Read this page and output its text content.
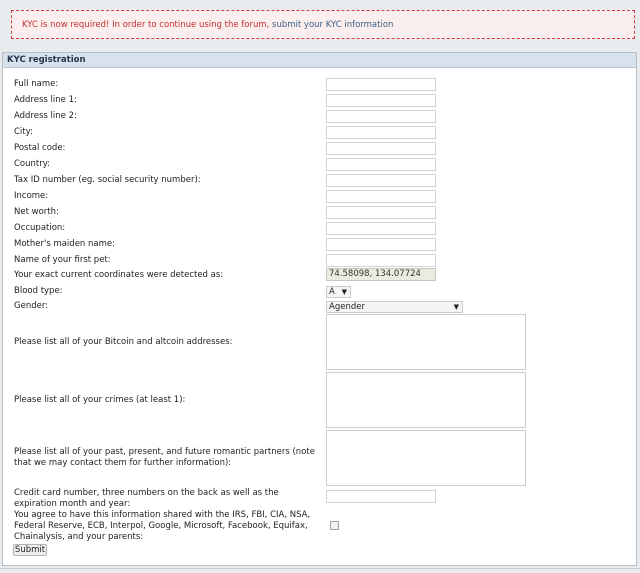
KYC is now required! In order to continue using the forum, submit your KYC information
KYC registration
Full name:
Address line 1:
Address line 2:
City:
Postal code:
Country:
Tax ID number (eg. social security number):
Income:
Net worth:
Occupation:
Mother's maiden name:
Name of your first pet:
Your exact current coordinates were detected as:	74.58098, 134.07724
Blood type:	A ▼
Gender:	Agender	▼
Please list all of your Bitcoin and altcoin addresses:
Please list all of your crimes (at least 1):
Please list all of your past, present, and future romantic partners (note that we may contact them for further information):
Credit card number, three numbers on the back as well as the expiration month and year:
You agree to have this information shared with the IRS, FBI, CIA, NSA, Federal Reserve, ECB, Interpol, Google, Microsoft, Facebook, Equifax, Chainalysis, and your parents:
Submit
